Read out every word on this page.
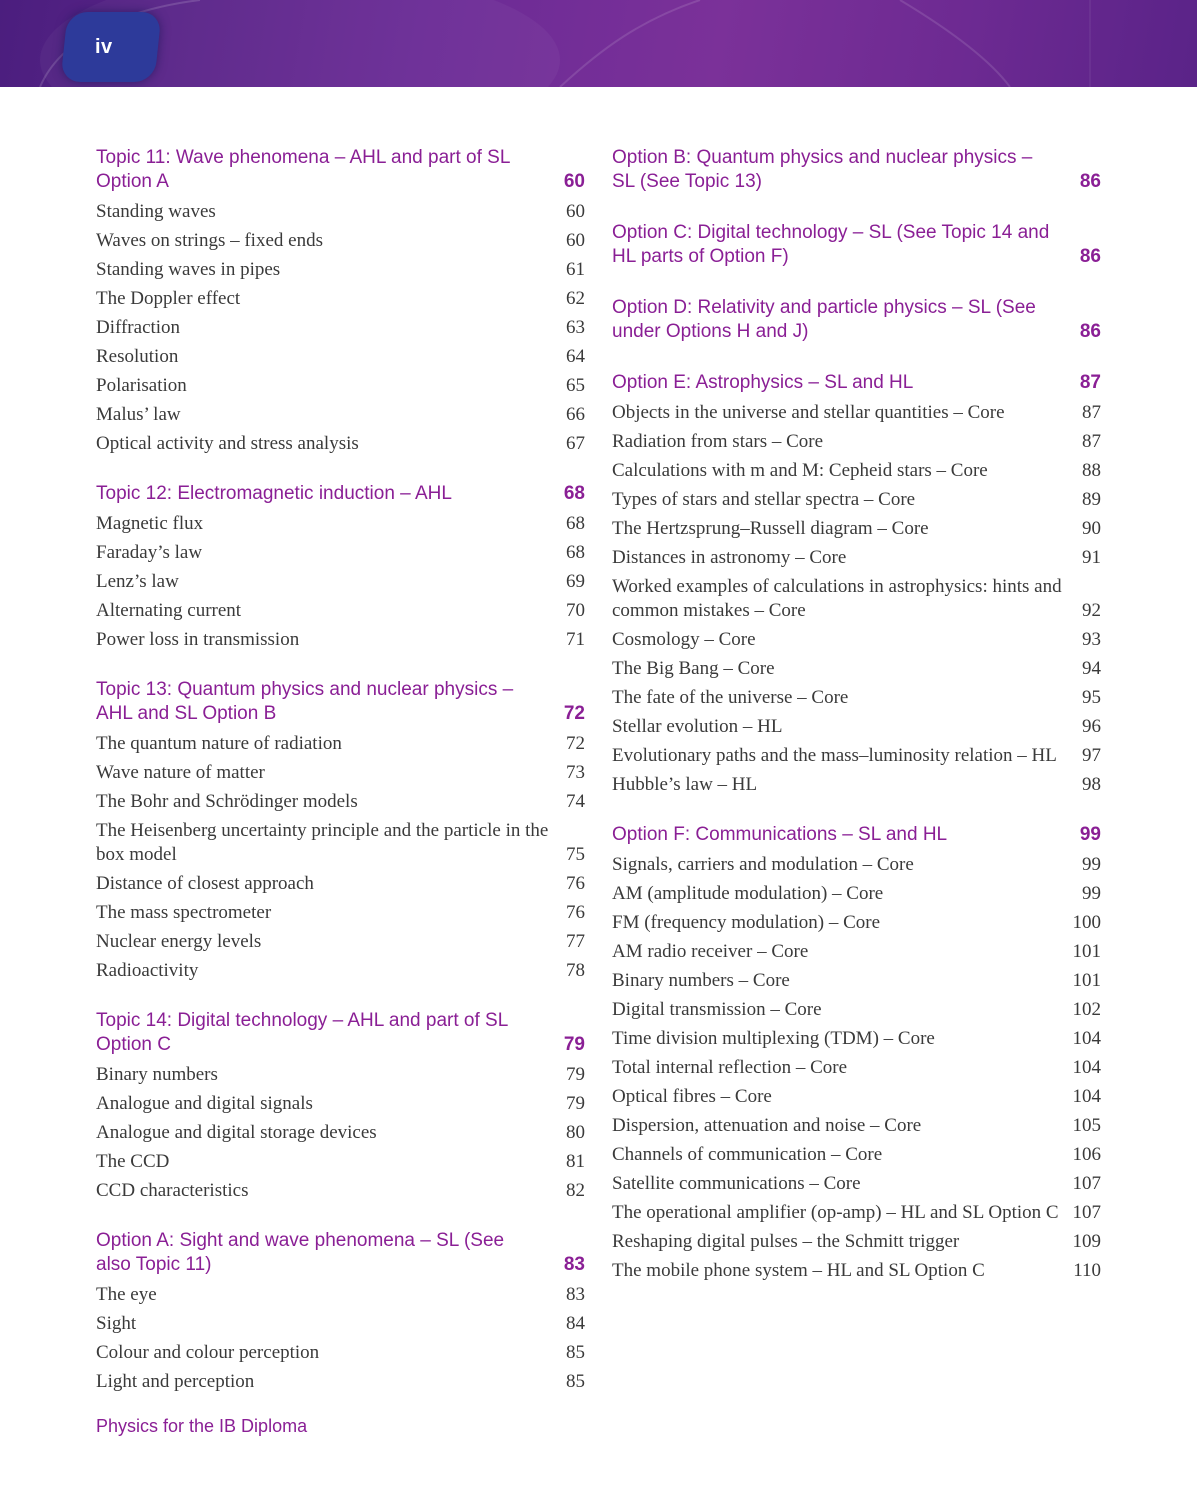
iv
Topic 11: Wave phenomena – AHL and part of SL Option A	60
Standing waves	60
Waves on strings – fixed ends	60
Standing waves in pipes	61
The Doppler effect	62
Diffraction	63
Resolution	64
Polarisation	65
Malus’ law	66
Optical activity and stress analysis	67
Topic 12: Electromagnetic induction – AHL	68
Magnetic flux	68
Faraday’s law	68
Lenz’s law	69
Alternating current	70
Power loss in transmission	71
Topic 13: Quantum physics and nuclear physics – AHL and SL Option B	72
The quantum nature of radiation	72
Wave nature of matter	73
The Bohr and Schrödinger models	74
The Heisenberg uncertainty principle and the particle in the box model	75
Distance of closest approach	76
The mass spectrometer	76
Nuclear energy levels	77
Radioactivity	78
Topic 14: Digital technology – AHL and part of SL Option C	79
Binary numbers	79
Analogue and digital signals	79
Analogue and digital storage devices	80
The CCD	81
CCD characteristics	82
Option A: Sight and wave phenomena – SL (See also Topic 11)	83
The eye	83
Sight	84
Colour and colour perception	85
Light and perception	85
Option B: Quantum physics and nuclear physics – SL (See Topic 13)	86
Option C: Digital technology – SL (See Topic 14 and HL parts of Option F)	86
Option D: Relativity and particle physics – SL (See under Options H and J)	86
Option E: Astrophysics – SL and HL	87
Objects in the universe and stellar quantities – Core	87
Radiation from stars – Core	87
Calculations with m and M: Cepheid stars – Core	88
Types of stars and stellar spectra – Core	89
The Hertzsprung–Russell diagram – Core	90
Distances in astronomy – Core	91
Worked examples of calculations in astrophysics: hints and common mistakes – Core	92
Cosmology – Core	93
The Big Bang – Core	94
The fate of the universe – Core	95
Stellar evolution – HL	96
Evolutionary paths and the mass–luminosity relation – HL	97
Hubble’s law – HL	98
Option F: Communications – SL and HL	99
Signals, carriers and modulation – Core	99
AM (amplitude modulation) – Core	99
FM (frequency modulation) – Core	100
AM radio receiver – Core	101
Binary numbers – Core	101
Digital transmission – Core	102
Time division multiplexing (TDM) – Core	104
Total internal reflection – Core	104
Optical fibres – Core	104
Dispersion, attenuation and noise – Core	105
Channels of communication – Core	106
Satellite communications – Core	107
The operational amplifier (op-amp) – HL and SL Option C 107
Reshaping digital pulses – the Schmitt trigger	109
The mobile phone system – HL and SL Option C	110
Physics for the IB Diploma
